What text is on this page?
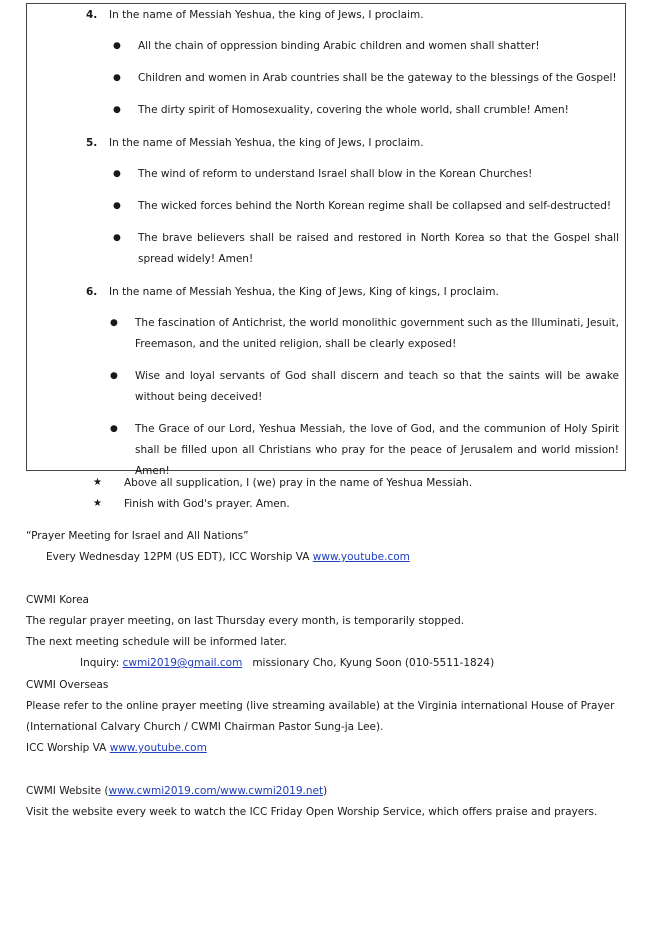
4.	In the name of Messiah Yeshua, the king of Jews, I proclaim.
● All the chain of oppression binding Arabic children and women shall shatter!
● Children and women in Arab countries shall be the gateway to the blessings of the Gospel!
● The dirty spirit of Homosexuality, covering the whole world, shall crumble! Amen!
5.	In the name of Messiah Yeshua, the king of Jews, I proclaim.
● The wind of reform to understand Israel shall blow in the Korean Churches!
● The wicked forces behind the North Korean regime shall be collapsed and self-destructed!
● The brave believers shall be raised and restored in North Korea so that the Gospel shall spread widely! Amen!
6.	In the name of Messiah Yeshua, the King of Jews, King of kings, I proclaim.
● The fascination of Antichrist, the world monolithic government such as the Illuminati, Jesuit, Freemason, and the united religion, shall be clearly exposed!
● Wise and loyal servants of God shall discern and teach so that the saints will be awake without being deceived!
● The Grace of our Lord, Yeshua Messiah, the love of God, and the communion of Holy Spirit shall be filled upon all Christians who pray for the peace of Jerusalem and world mission! Amen!
★ Above all supplication, I (we) pray in the name of Yeshua Messiah.
★ Finish with God's prayer. Amen.
“Prayer Meeting for Israel and All Nations”
Every Wednesday 12PM (US EDT), ICC Worship VA www.youtube.com
CWMI Korea
The regular prayer meeting, on last Thursday every month, is temporarily stopped.
The next meeting schedule will be informed later.
Inquiry: cwmi2019@gmail.com missionary Cho, Kyung Soon (010-5511-1824)
CWMI Overseas
Please refer to the online prayer meeting (live streaming available) at the Virginia international House of Prayer
(International Calvary Church / CWMI Chairman Pastor Sung-ja Lee).
ICC Worship VA www.youtube.com
CWMI Website (www.cwmi2019.com/www.cwmi2019.net)
Visit the website every week to watch the ICC Friday Open Worship Service, which offers praise and prayers.
